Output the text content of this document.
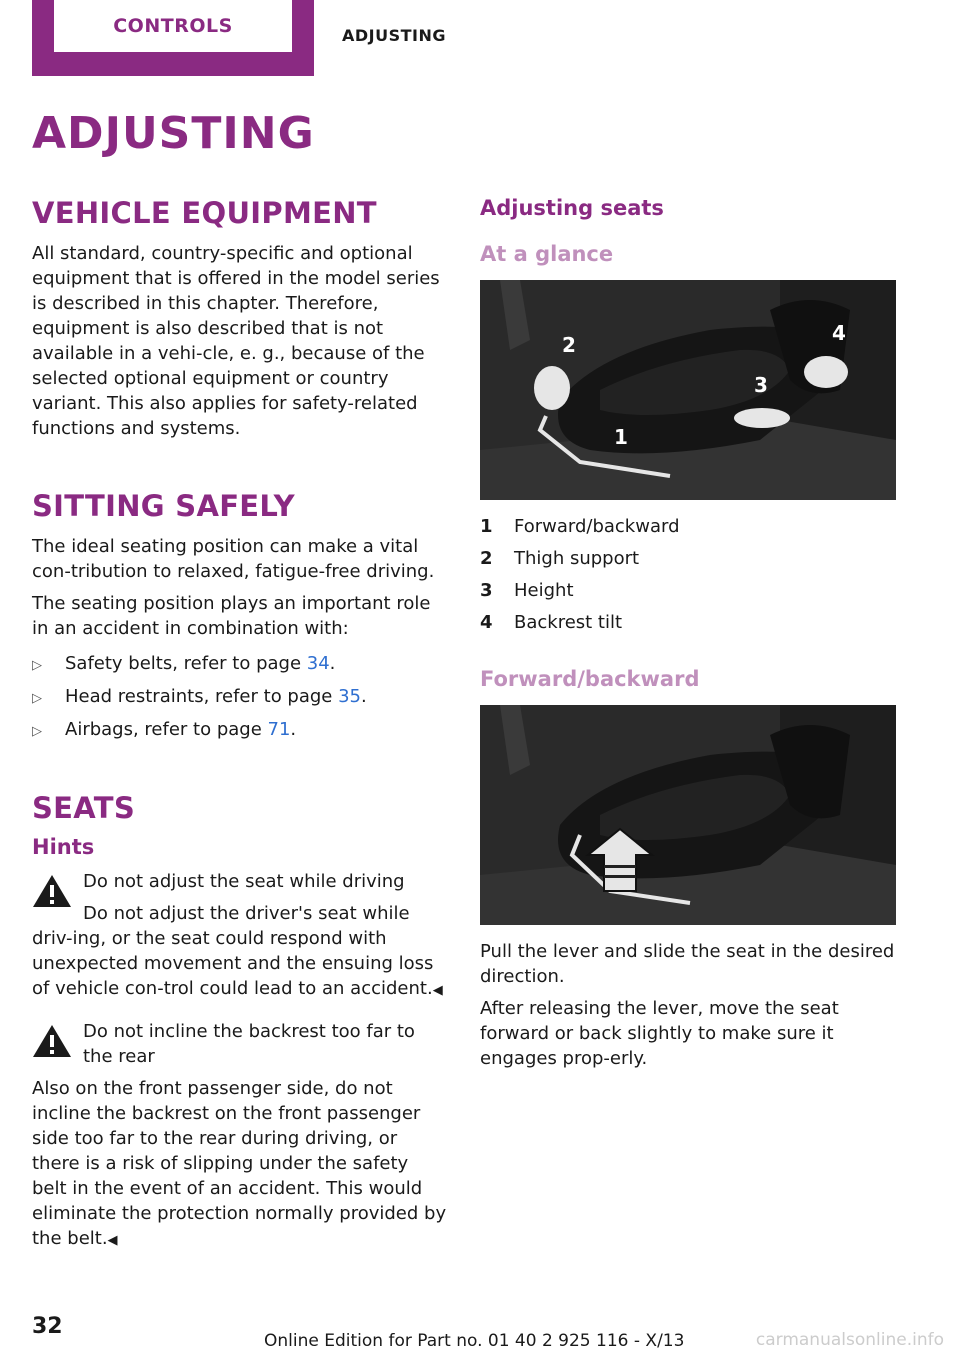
CONTROLS	ADJUSTING
ADJUSTING
VEHICLE EQUIPMENT

All standard, country-specific and optional equipment that is offered in the model series is described in this chapter. Therefore, equipment is also described that is not available in a vehi-cle, e. g., because of the selected optional equipment or country variant. This also applies for safety-related functions and systems.

SITTING SAFELY

The ideal seating position can make a vital con-tribution to relaxed, fatigue-free driving.

The seating position plays an important role in an accident in combination with:

▷ Safety belts, refer to page 34.
▷ Head restraints, refer to page 35.
▷ Airbags, refer to page 71.
SEATS
Hints

Do not adjust the seat while driving

Do not adjust the driver's seat while driv-ing, or the seat could respond with unexpected movement and the ensuing loss of vehicle con-trol could lead to an accident.◀

Do not incline the backrest too far to the rear

Also on the front passenger side, do not incline the backrest on the front passenger side too far to the rear during driving, or there is a risk of slipping under the safety belt in the event of an accident. This would eliminate the protection normally provided by the belt.◀

Adjusting seats
At a glance
2	4
3
1
1	Forward/backward
2	Thigh support
3	Height
4	Backrest tilt
Forward/backward

Pull the lever and slide the seat in the desired direction.

After releasing the lever, move the seat forward or back slightly to make sure it engages prop-erly.

32
Online Edition for Part no. 01 40 2 925 116 - X/13	carmanualsonline.info
